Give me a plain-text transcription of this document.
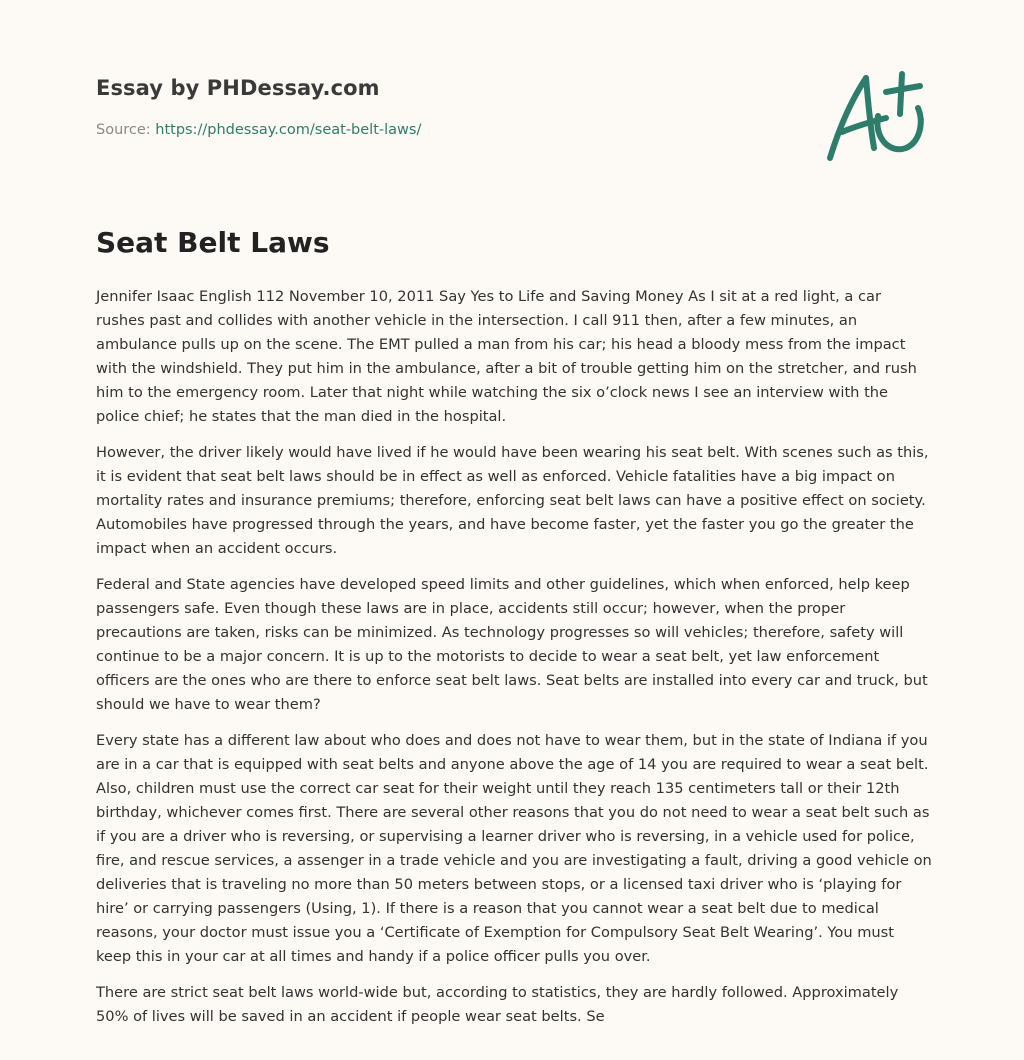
Essay by PHDessay.com
Source: https://phdessay.com/seat-belt-laws/
Seat Belt Laws

Jennifer Isaac English 112 November 10, 2011 Say Yes to Life and Saving Money As I sit at a red light, a car rushes past and collides with another vehicle in the intersection. I call 911 then, after a few minutes, an ambulance pulls up on the scene. The EMT pulled a man from his car; his head a bloody mess from the impact with the windshield. They put him in the ambulance, after a bit of trouble getting him on the stretcher, and rush him to the emergency room. Later that night while watching the six o’clock news I see an interview with the police chief; he states that the man died in the hospital.

However, the driver likely would have lived if he would have been wearing his seat belt. With scenes such as this, it is evident that seat belt laws should be in effect as well as enforced. Vehicle fatalities have a big impact on mortality rates and insurance premiums; therefore, enforcing seat belt laws can have a positive effect on society. Automobiles have progressed through the years, and have become faster, yet the faster you go the greater the impact when an accident occurs.

Federal and State agencies have developed speed limits and other guidelines, which when enforced, help keep passengers safe. Even though these laws are in place, accidents still occur; however, when the proper precautions are taken, risks can be minimized. As technology progresses so will vehicles; therefore, safety will continue to be a major concern. It is up to the motorists to decide to wear a seat belt, yet law enforcement officers are the ones who are there to enforce seat belt laws. Seat belts are installed into every car and truck, but should we have to wear them?

Every state has a different law about who does and does not have to wear them, but in the state of Indiana if you are in a car that is equipped with seat belts and anyone above the age of 14 you are required to wear a seat belt. Also, children must use the correct car seat for their weight until they reach 135 centimeters tall or their 12th birthday, whichever comes first. There are several other reasons that you do not need to wear a seat belt such as if you are a driver who is reversing, or supervising a learner driver who is reversing, in a vehicle used for police, fire, and rescue services, a assenger in a trade vehicle and you are investigating a fault, driving a good vehicle on deliveries that is traveling no more than 50 meters between stops, or a licensed taxi driver who is ‘playing for hire’ or carrying passengers (Using, 1). If there is a reason that you cannot wear a seat belt due to medical reasons, your doctor must issue you a ‘Certificate of Exemption for Compulsory Seat Belt Wearing’. You must keep this in your car at all times and handy if a police officer pulls you over.

There are strict seat belt laws world-wide but, according to statistics, they are hardly followed. Approximately 50% of lives will be saved in an accident if people wear seat belts. Se
